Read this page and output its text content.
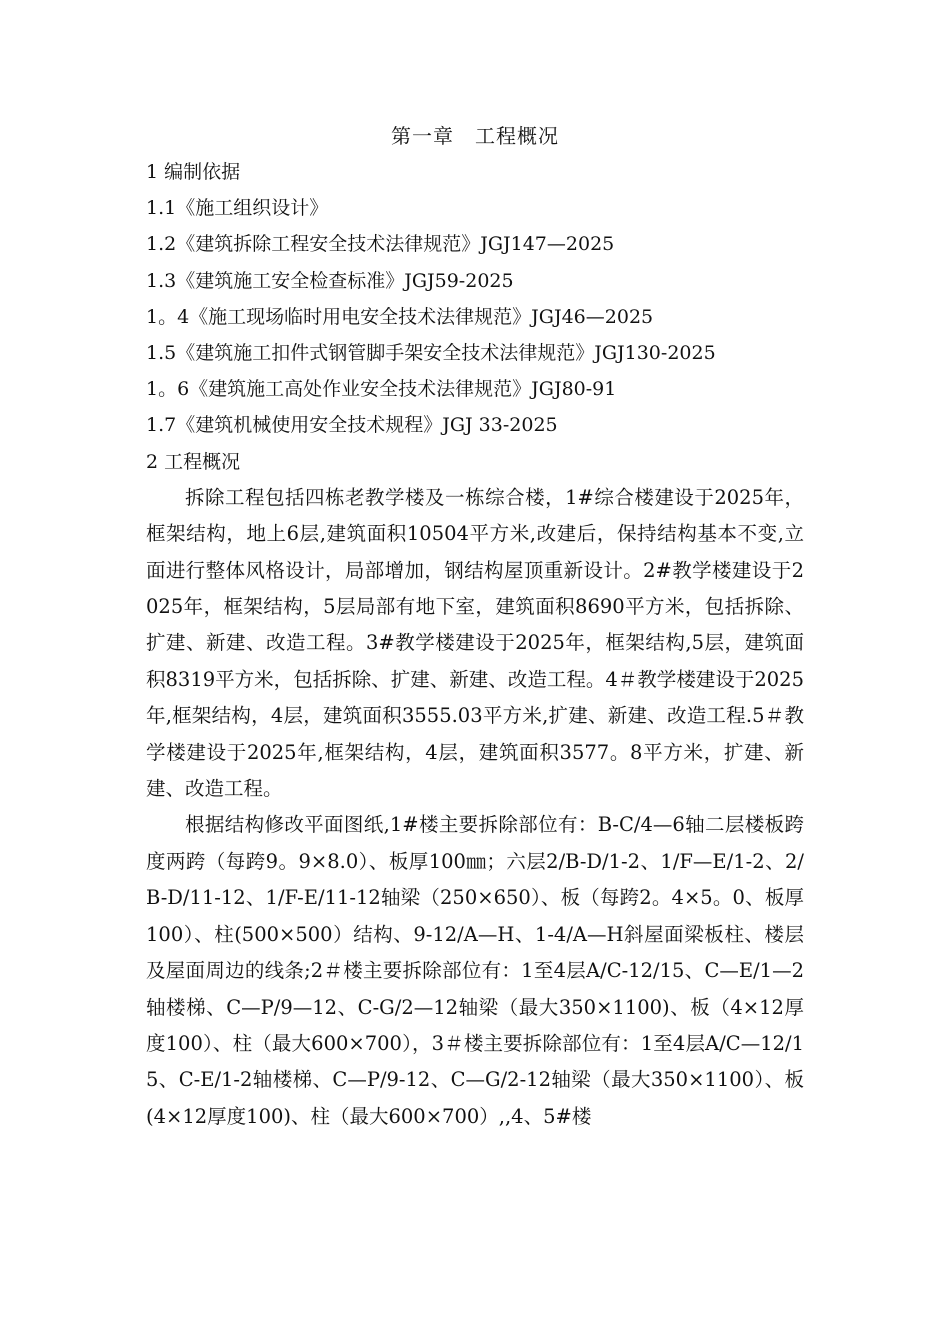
第一章　工程概况

1 编制依据

1.1《施工组织设计》

1.2《建筑拆除工程安全技术法律规范》JGJ147—2025

1.3《建筑施工安全检查标准》JGJ59-2025

1。4《施工现场临时用电安全技术法律规范》JGJ46—2025

1.5《建筑施工扣件式钢管脚手架安全技术法律规范》JGJ130-2025

1。6《建筑施工高处作业安全技术法律规范》JGJ80-91

1.7《建筑机械使用安全技术规程》JGJ 33-2025

2 工程概况

拆除工程包括四栋老教学楼及一栋综合楼，1#综合楼建设于2025年，框架结构，地上6层,建筑面积10504平方米,改建后，保持结构基本不变,立面进行整体风格设计，局部增加，钢结构屋顶重新设计。2#教学楼建设于2025年，框架结构，5层局部有地下室，建筑面积8690平方米，包括拆除、扩建、新建、改造工程。3#教学楼建设于2025年，框架结构,5层，建筑面积8319平方米，包括拆除、扩建、新建、改造工程。4＃教学楼建设于2025年,框架结构，4层，建筑面积3555.03平方米,扩建、新建、改造工程.5＃教学楼建设于2025年,框架结构，4层，建筑面积3577。8平方米，扩建、新建、改造工程。

根据结构修改平面图纸,1#楼主要拆除部位有：B-C/4—6轴二层楼板跨度两跨（每跨9。9×8.0）、板厚100㎜；六层2/B-D/1-2、1/F—E/1-2、2/B-D/11-12、1/F-E/11-12轴梁（250×650）、板（每跨2。4×5。0、板厚100）、柱(500×500）结构、9-12/A—H、1-4/A—H斜屋面梁板柱、楼层及屋面周边的线条;2＃楼主要拆除部位有：1至4层A/C-12/15、C—E/1—2轴楼梯、C—P/9—12、C-G/2—12轴梁（最大350×1100)、板（4×12厚度100）、柱（最大600×700），3＃楼主要拆除部位有：1至4层A/C—12/15、C-E/1-2轴楼梯、C—P/9-12、C—G/2-12轴梁（最大350×1100）、板(4×12厚度100)、柱（最大600×700）,,4、5#楼
